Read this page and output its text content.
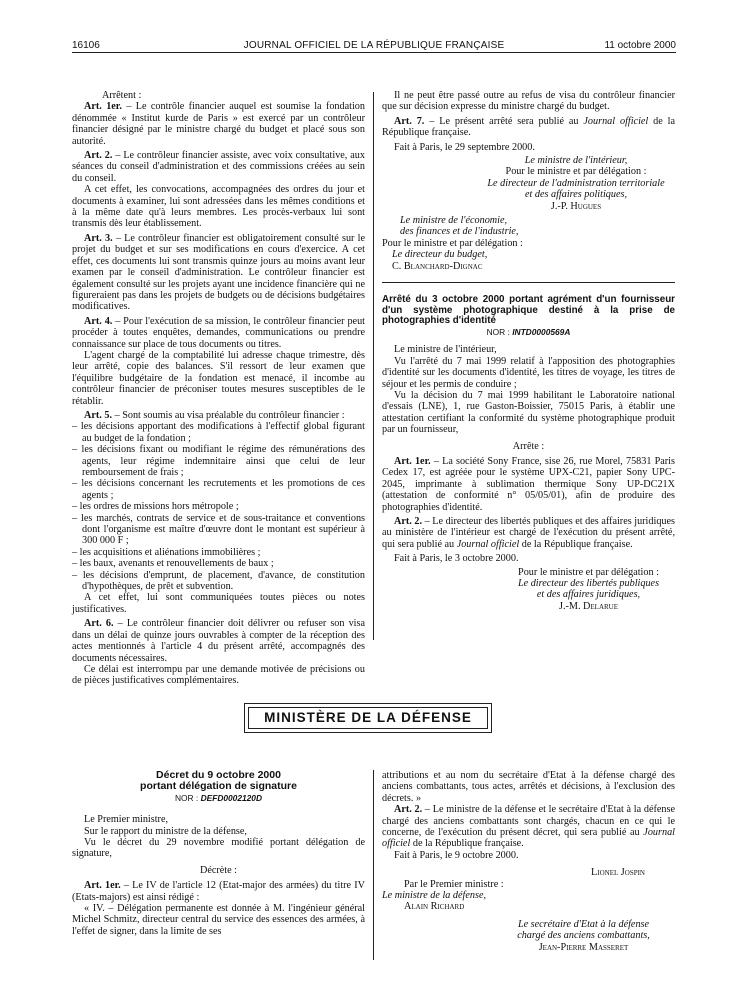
16106	JOURNAL OFFICIEL DE LA RÉPUBLIQUE FRANÇAISE	11 octobre 2000

Arrêtent :

Art. 1er. – Le contrôle financier auquel est soumise la fondation dénommée « Institut kurde de Paris » est exercé par un contrôleur financier désigné par le ministre chargé du budget et placé sous son autorité.

Art. 2. – Le contrôleur financier assiste, avec voix consultative, aux séances du conseil d'administration et des commissions créées au sein du conseil.

A cet effet, les convocations, accompagnées des ordres du jour et documents à examiner, lui sont adressées dans les mêmes conditions et à la même date qu'à leurs membres. Les procès-verbaux lui sont transmis dès leur établissement.

Art. 3. – Le contrôleur financier est obligatoirement consulté sur le projet du budget et sur ses modifications en cours d'exercice. A cet effet, ces documents lui sont transmis quinze jours au moins avant leur examen par le conseil d'administration. Le contrôleur financier est également consulté sur les projets ayant une incidence financière qui ne figureraient pas dans les projets de budgets ou de décisions budgétaires modificatives.

Art. 4. – Pour l'exécution de sa mission, le contrôleur financier peut procéder à toutes enquêtes, demandes, communications ou prendre connaissance sur place de tous documents ou titres.

L'agent chargé de la comptabilité lui adresse chaque trimestre, dès leur arrêté, copie des balances. S'il ressort de leur examen que l'équilibre budgétaire de la fondation est menacé, il incombe au contrôleur financier de préconiser toutes mesures susceptibles de le rétablir.

Art. 5. – Sont soumis au visa préalable du contrôleur financier :

– les décisions apportant des modifications à l'effectif global figurant au budget de la fondation ;

– les décisions fixant ou modifiant le régime des rémunérations des agents, leur régime indemnitaire ainsi que celui de leur remboursement de frais ;

– les décisions concernant les recrutements et les promotions de ces agents ;

– les ordres de missions hors métropole ;

– les marchés, contrats de service et de sous-traitance et conventions dont l'organisme est maître d'œuvre dont le montant est supérieur à 300 000 F ;

– les acquisitions et aliénations immobilières ;

– les baux, avenants et renouvellements de baux ;

– les décisions d'emprunt, de placement, d'avance, de constitution d'hypothèques, de prêt et subvention.

A cet effet, lui sont communiquées toutes pièces ou notes justificatives.

Art. 6. – Le contrôleur financier doit délivrer ou refuser son visa dans un délai de quinze jours ouvrables à compter de la réception des actes mentionnés à l'article 4 du présent arrêté, accompagnés des documents nécessaires.

Ce délai est interrompu par une demande motivée de précisions ou de pièces justificatives complémentaires.

Il ne peut être passé outre au refus de visa du contrôleur financier que sur décision expresse du ministre chargé du budget.

Art. 7. – Le présent arrêté sera publié au Journal officiel de la République française.

Fait à Paris, le 29 septembre 2000.

Le ministre de l'intérieur,

Pour le ministre et par délégation :

Le directeur de l'administration territoriale

et des affaires politiques,

J.-P. Hugues

Le ministre de l'économie,

des finances et de l'industrie,

Pour le ministre et par délégation :

Le directeur du budget,

C. Blanchard-Dignac

Arrêté du 3 octobre 2000 portant agrément d'un fournisseur d'un système photographique destiné à la prise de photographies d'identité

NOR : INTD0000569A

Le ministre de l'intérieur,

Vu l'arrêté du 7 mai 1999 relatif à l'apposition des photographies d'identité sur les documents d'identité, les titres de voyage, les titres de séjour et les permis de conduire ;

Vu la décision du 7 mai 1999 habilitant le Laboratoire national d'essais (LNE), 1, rue Gaston-Boissier, 75015 Paris, à établir une attestation certifiant la conformité du système photographique produit par un fournisseur,

Arrête :

Art. 1er. – La société Sony France, sise 26, rue Morel, 75831 Paris Cedex 17, est agréée pour le système UPX-C21, papier Sony UPC-2045, imprimante à sublimation thermique Sony UP-DC21X (attestation de conformité n° 05/05/01), afin de produire des photographies d'identité.

Art. 2. – Le directeur des libertés publiques et des affaires juridiques au ministère de l'intérieur est chargé de l'exécution du présent arrêté, qui sera publié au Journal officiel de la République française.

Fait à Paris, le 3 octobre 2000.

Pour le ministre et par délégation :

Le directeur des libertés publiques

et des affaires juridiques,

J.-M. Delarue

MINISTÈRE DE LA DÉFENSE

Décret du 9 octobre 2000

portant délégation de signature

NOR : DEFD0002120D

Le Premier ministre,

Sur le rapport du ministre de la défense,

Vu le décret du 29 novembre modifié portant délégation de signature,

Décrète :

Art. 1er. – Le IV de l'article 12 (Etat-major des armées) du titre IV (Etats-majors) est ainsi rédigé :

« IV. – Délégation permanente est donnée à M. l'ingénieur général Michel Schmitz, directeur central du service des essences des armées, à l'effet de signer, dans la limite de ses

attributions et au nom du secrétaire d'Etat à la défense chargé des anciens combattants, tous actes, arrêtés et décisions, à l'exclusion des décrets. »

Art. 2. – Le ministre de la défense et le secrétaire d'Etat à la défense chargé des anciens combattants sont chargés, chacun en ce qui le concerne, de l'exécution du présent décret, qui sera publié au Journal officiel de la République française.

Fait à Paris, le 9 octobre 2000.

Lionel Jospin

Par le Premier ministre :

Le ministre de la défense,

Alain Richard

Le secrétaire d'Etat à la défense

chargé des anciens combattants,

Jean-Pierre Masseret
